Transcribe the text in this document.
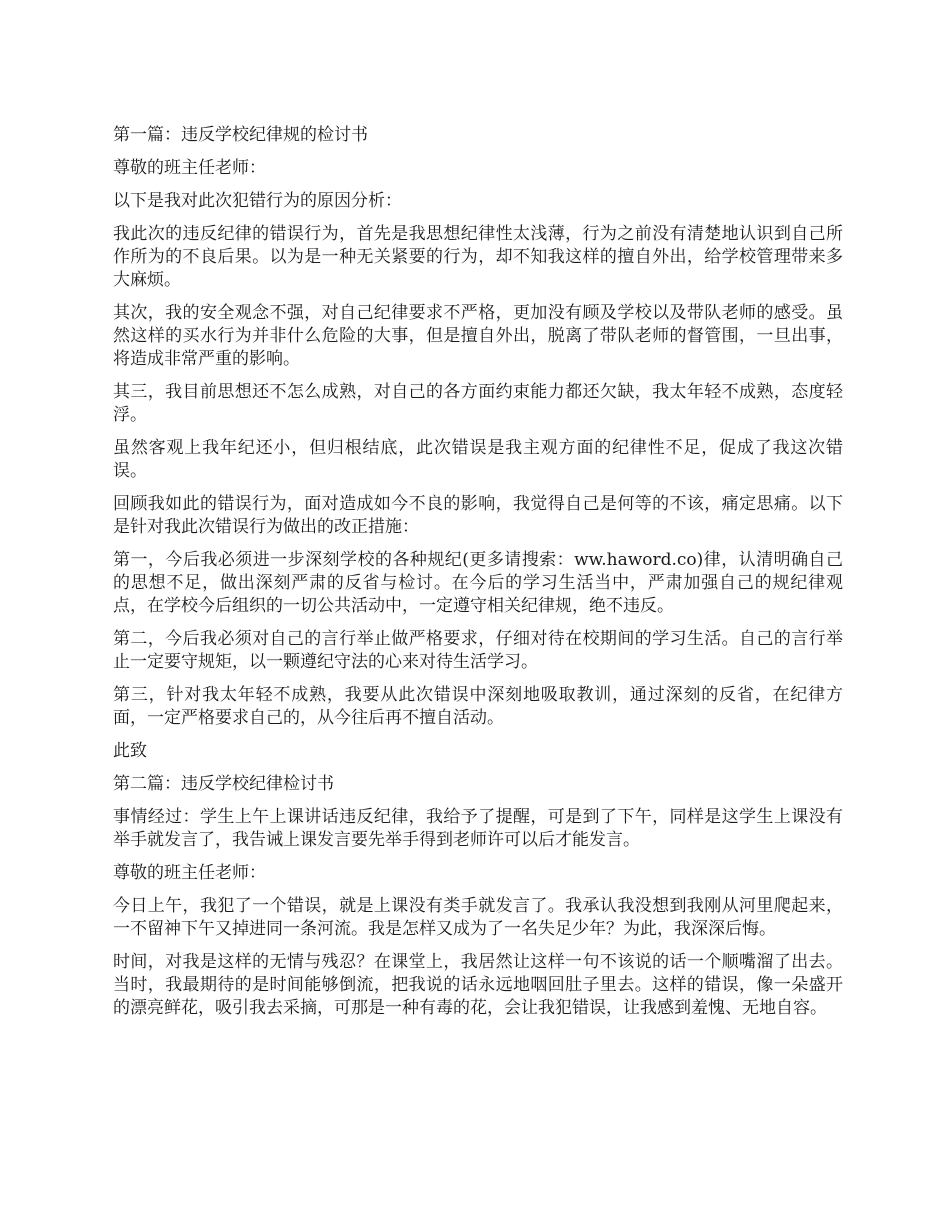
第一篇：违反学校纪律规的检讨书

尊敬的班主任老师：

以下是我对此次犯错行为的原因分析：

我此次的违反纪律的错误行为，首先是我思想纪律性太浅薄，行为之前没有清楚地认识到自己所作所为的不良后果。以为是一种无关紧要的行为，却不知我这样的擅自外出，给学校管理带来多大麻烦。

其次，我的安全观念不强，对自己纪律要求不严格，更加没有顾及学校以及带队老师的感受。虽然这样的买水行为并非什么危险的大事，但是擅自外出，脱离了带队老师的督管围，一旦出事，将造成非常严重的影响。

其三，我目前思想还不怎么成熟，对自己的各方面约束能力都还欠缺，我太年轻不成熟，态度轻浮。

虽然客观上我年纪还小，但归根结底，此次错误是我主观方面的纪律性不足，促成了我这次错误。

回顾我如此的错误行为，面对造成如今不良的影响，我觉得自己是何等的不该，痛定思痛。以下是针对我此次错误行为做出的改正措施：

第一，今后我必须进一步深刻学校的各种规纪(更多请搜索：ww.haword.co)律，认清明确自己的思想不足，做出深刻严肃的反省与检讨。在今后的学习生活当中，严肃加强自己的规纪律观点，在学校今后组织的一切公共活动中，一定遵守相关纪律规，绝不违反。

第二，今后我必须对自己的言行举止做严格要求，仔细对待在校期间的学习生活。自己的言行举止一定要守规矩，以一颗遵纪守法的心来对待生活学习。

第三，针对我太年轻不成熟，我要从此次错误中深刻地吸取教训，通过深刻的反省，在纪律方面，一定严格要求自己的，从今往后再不擅自活动。

此致

第二篇：违反学校纪律检讨书

事情经过：学生上午上课讲话违反纪律，我给予了提醒，可是到了下午，同样是这学生上课没有举手就发言了，我告诫上课发言要先举手得到老师许可以后才能发言。

尊敬的班主任老师：

今日上午，我犯了一个错误，就是上课没有类手就发言了。我承认我没想到我刚从河里爬起来，一不留神下午又掉进同一条河流。我是怎样又成为了一名失足少年？为此，我深深后悔。

时间，对我是这样的无情与残忍？在课堂上，我居然让这样一句不该说的话一个顺嘴溜了出去。当时，我最期待的是时间能够倒流，把我说的话永远地咽回肚子里去。这样的错误，像一朵盛开的漂亮鲜花，吸引我去采摘，可那是一种有毒的花，会让我犯错误，让我感到羞愧、无地自容。
